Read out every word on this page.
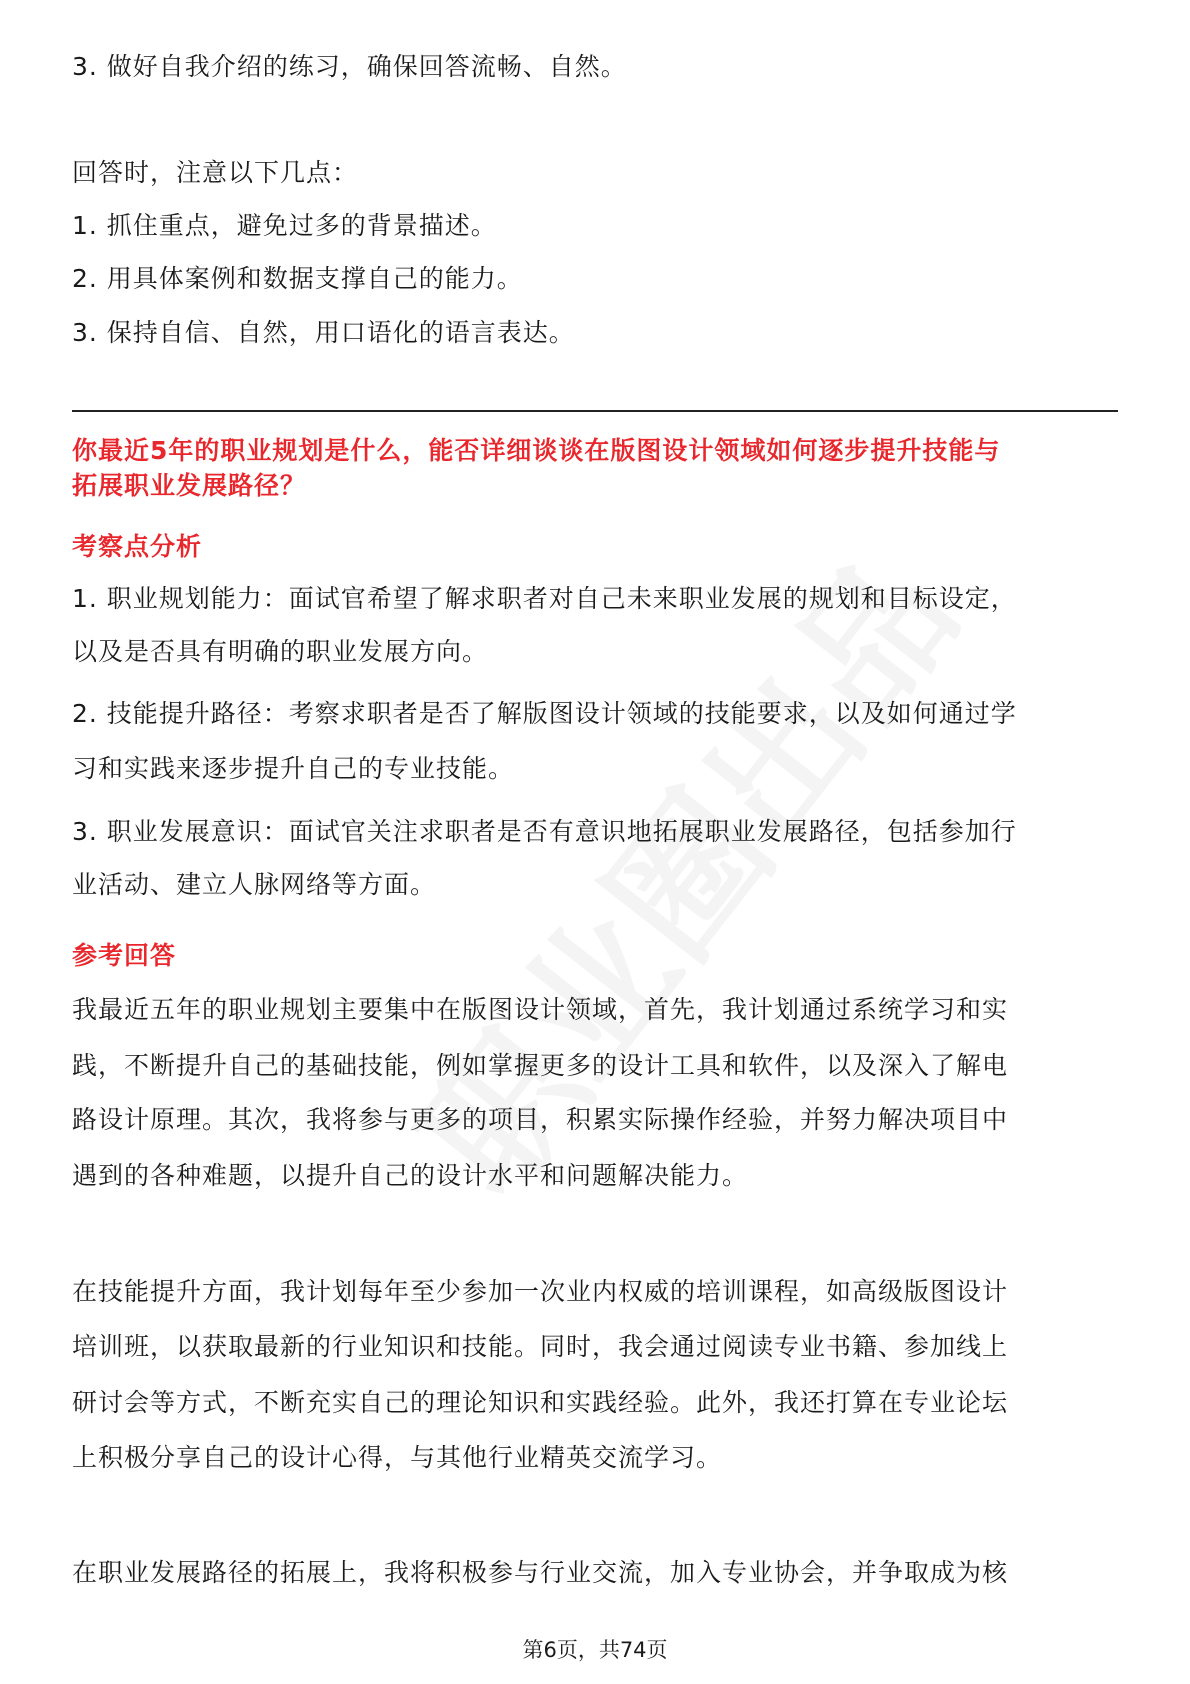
3. 做好自我介绍的练习，确保回答流畅、自然。
回答时，注意以下几点：
1. 抓住重点，避免过多的背景描述。
2. 用具体案例和数据支撑自己的能力。
3. 保持自信、自然，用口语化的语言表达。
你最近5年的职业规划是什么，能否详细谈谈在版图设计领域如何逐步提升技能与
拓展职业发展路径？
考察点分析
1. 职业规划能力：面试官希望了解求职者对自己未来职业发展的规划和目标设定，
以及是否具有明确的职业发展方向。
2. 技能提升路径：考察求职者是否了解版图设计领域的技能要求，以及如何通过学
习和实践来逐步提升自己的专业技能。
3. 职业发展意识：面试官关注求职者是否有意识地拓展职业发展路径，包括参加行
业活动、建立人脉网络等方面。
参考回答
我最近五年的职业规划主要集中在版图设计领域，首先，我计划通过系统学习和实
践，不断提升自己的基础技能，例如掌握更多的设计工具和软件，以及深入了解电
路设计原理。其次，我将参与更多的项目，积累实际操作经验，并努力解决项目中
遇到的各种难题，以提升自己的设计水平和问题解决能力。
在技能提升方面，我计划每年至少参加一次业内权威的培训课程，如高级版图设计
培训班，以获取最新的行业知识和技能。同时，我会通过阅读专业书籍、参加线上
研讨会等方式，不断充实自己的理论知识和实践经验。此外，我还打算在专业论坛
上积极分享自己的设计心得，与其他行业精英交流学习。
在职业发展路径的拓展上，我将积极参与行业交流，加入专业协会，并争取成为核
第6页，共74页
